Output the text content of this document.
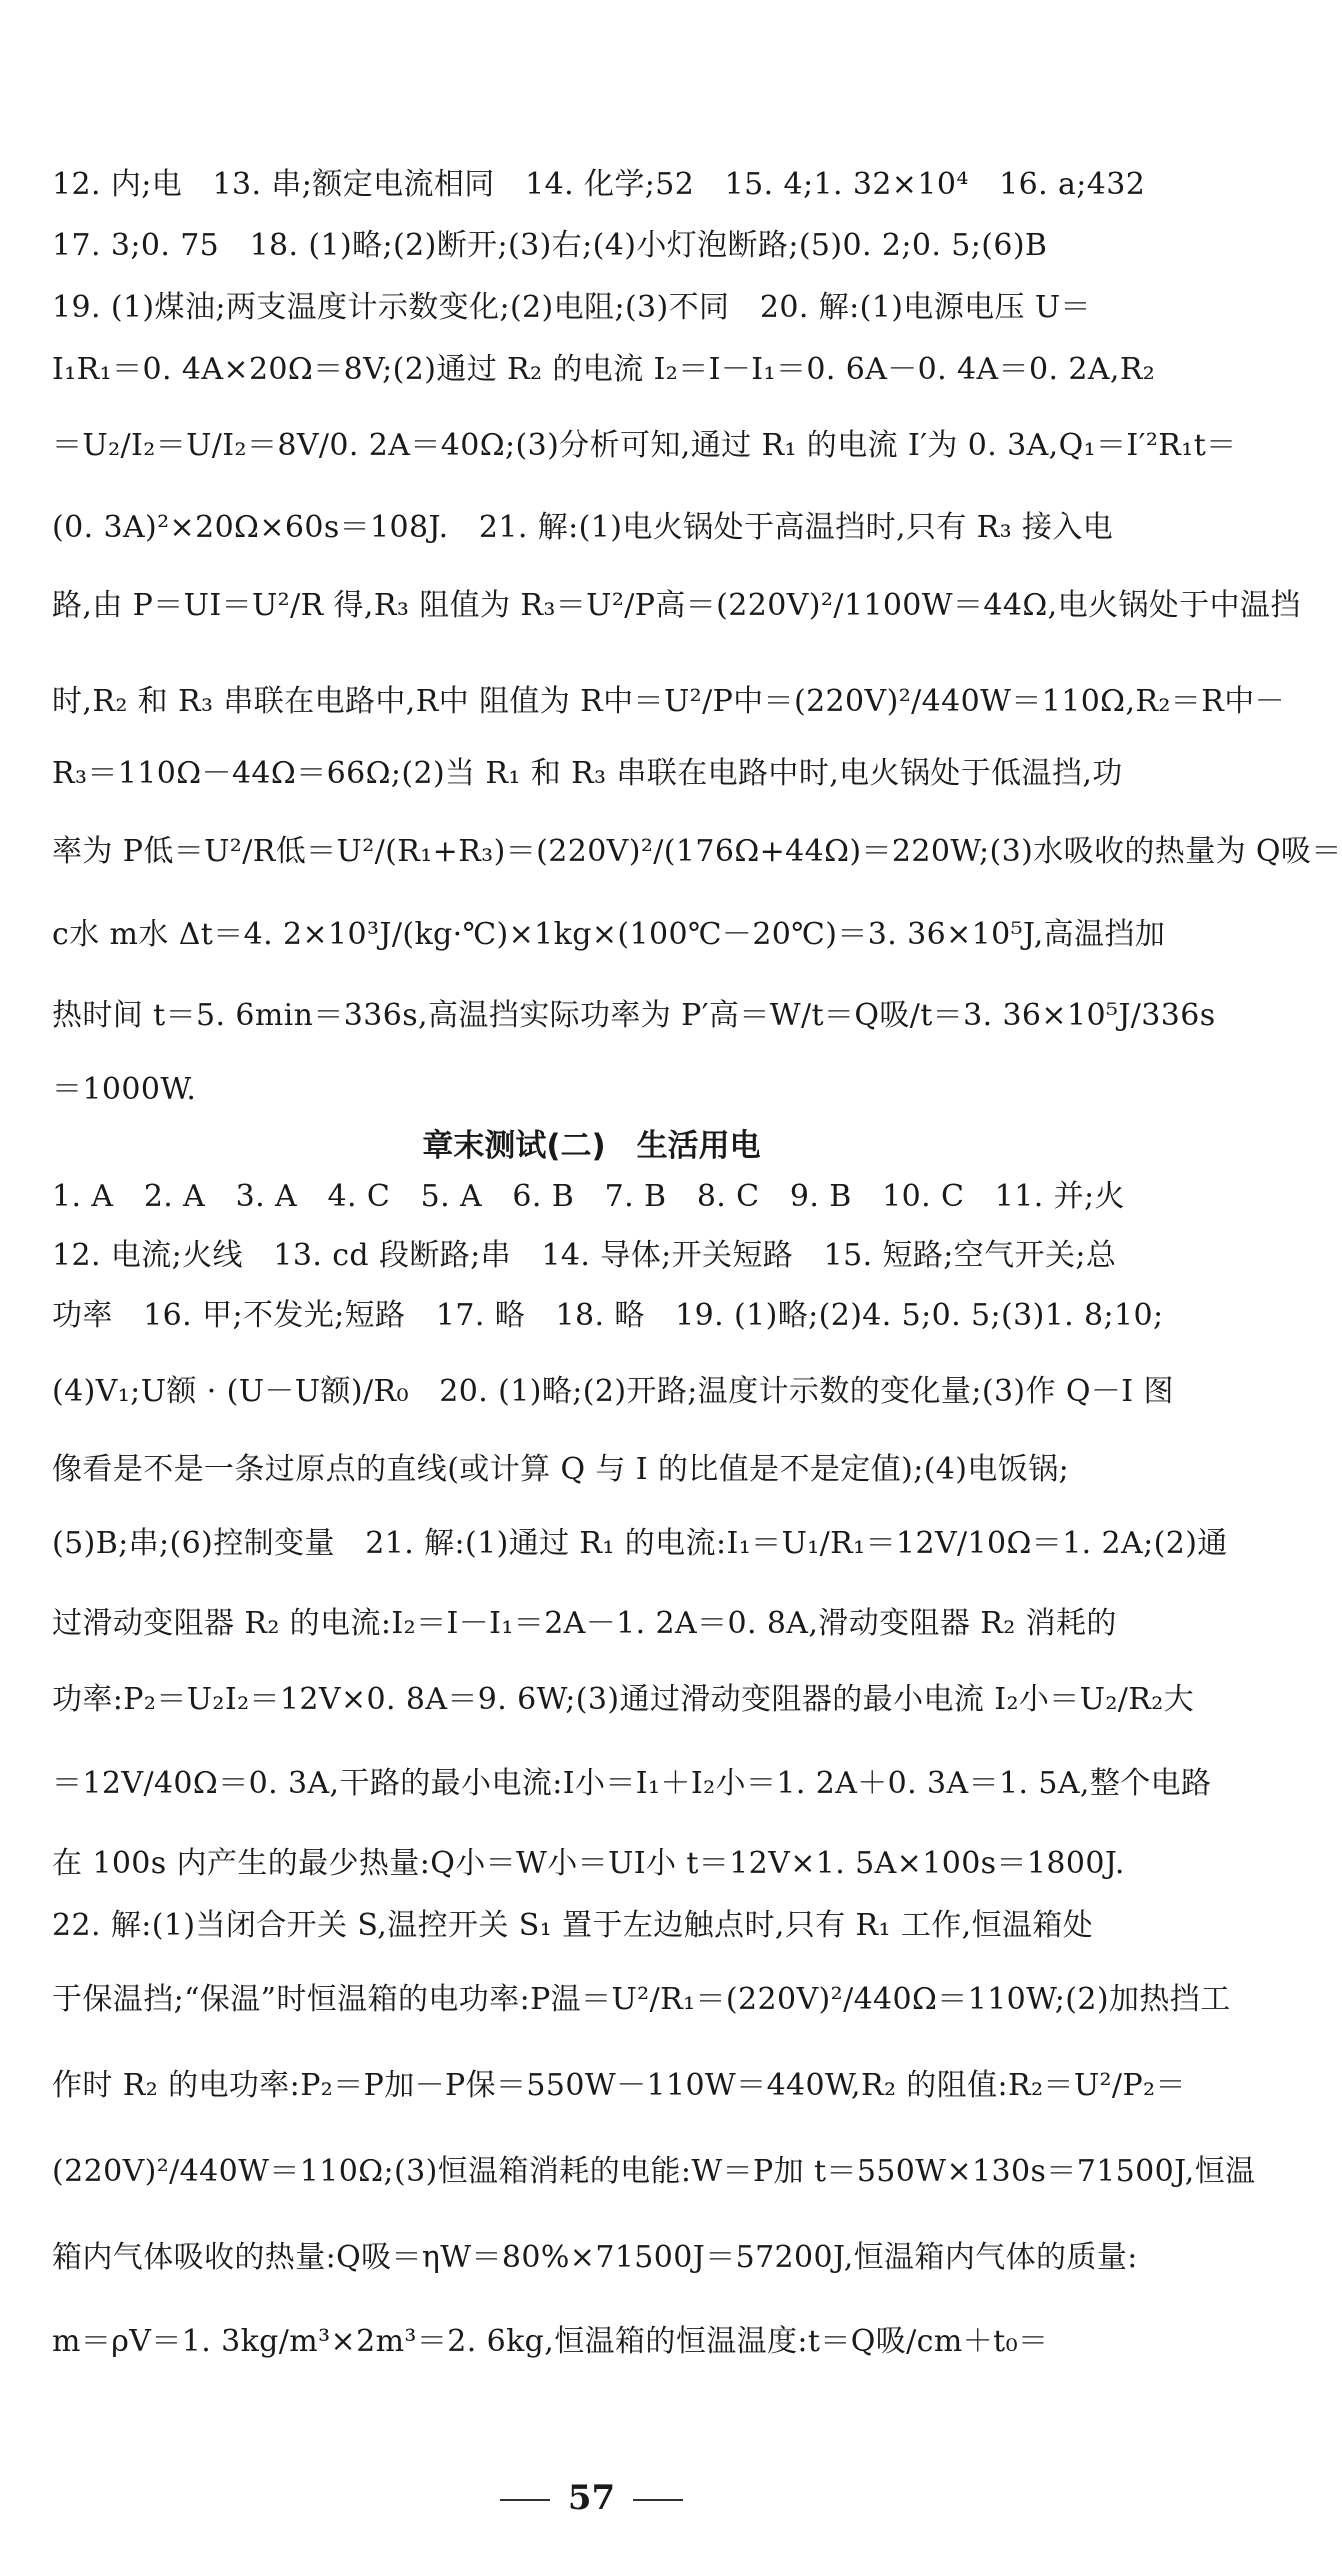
12. 内;电　13. 串;额定电流相同　14. 化学;52　15. 4;1. 32×10⁴　16. a;432
17. 3;0. 75　18. (1)略;(2)断开;(3)右;(4)小灯泡断路;(5)0. 2;0. 5;(6)B
19. (1)煤油;两支温度计示数变化;(2)电阻;(3)不同　20. 解:(1)电源电压 U＝
I₁R₁＝0. 4A×20Ω＝8V;(2)通过 R₂ 的电流 I₂＝I－I₁＝0. 6A－0. 4A＝0. 2A,R₂
＝U₂/I₂＝U/I₂＝8V/0. 2A＝40Ω;(3)分析可知,通过 R₁ 的电流 I′为 0. 3A,Q₁＝I′²R₁t＝
(0. 3A)²×20Ω×60s＝108J.　21. 解:(1)电火锅处于高温挡时,只有 R₃ 接入电
路,由 P＝UI＝U²/R 得,R₃ 阻值为 R₃＝U²/P高＝(220V)²/1100W＝44Ω,电火锅处于中温挡
时,R₂ 和 R₃ 串联在电路中,R中 阻值为 R中＝U²/P中＝(220V)²/440W＝110Ω,R₂＝R中－
R₃＝110Ω－44Ω＝66Ω;(2)当 R₁ 和 R₃ 串联在电路中时,电火锅处于低温挡,功
率为 P低＝U²/R低＝U²/(R₁+R₃)＝(220V)²/(176Ω+44Ω)＝220W;(3)水吸收的热量为 Q吸＝
c水 m水 Δt＝4. 2×10³J/(kg·℃)×1kg×(100℃－20℃)＝3. 36×10⁵J,高温挡加
热时间 t＝5. 6min＝336s,高温挡实际功率为 P′高＝W/t＝Q吸/t＝3. 36×10⁵J/336s
＝1000W.
章末测试(二)　生活用电
1. A　2. A　3. A　4. C　5. A　6. B　7. B　8. C　9. B　10. C　11. 并;火
12. 电流;火线　13. cd 段断路;串　14. 导体;开关短路　15. 短路;空气开关;总
功率　16. 甲;不发光;短路　17. 略　18. 略　19. (1)略;(2)4. 5;0. 5;(3)1. 8;10;
(4)V₁;U额 · (U－U额)/R₀　20. (1)略;(2)开路;温度计示数的变化量;(3)作 Q－I 图
像看是不是一条过原点的直线(或计算 Q 与 I 的比值是不是定值);(4)电饭锅;
(5)B;串;(6)控制变量　21. 解:(1)通过 R₁ 的电流:I₁＝U₁/R₁＝12V/10Ω＝1. 2A;(2)通
过滑动变阻器 R₂ 的电流:I₂＝I－I₁＝2A－1. 2A＝0. 8A,滑动变阻器 R₂ 消耗的
功率:P₂＝U₂I₂＝12V×0. 8A＝9. 6W;(3)通过滑动变阻器的最小电流 I₂小＝U₂/R₂大
＝12V/40Ω＝0. 3A,干路的最小电流:I小＝I₁＋I₂小＝1. 2A＋0. 3A＝1. 5A,整个电路
在 100s 内产生的最少热量:Q小＝W小＝UI小 t＝12V×1. 5A×100s＝1800J.
22. 解:(1)当闭合开关 S,温控开关 S₁ 置于左边触点时,只有 R₁ 工作,恒温箱处
于保温挡;“保温”时恒温箱的电功率:P温＝U²/R₁＝(220V)²/440Ω＝110W;(2)加热挡工
作时 R₂ 的电功率:P₂＝P加－P保＝550W－110W＝440W,R₂ 的阻值:R₂＝U²/P₂＝
(220V)²/440W＝110Ω;(3)恒温箱消耗的电能:W＝P加 t＝550W×130s＝71500J,恒温
箱内气体吸收的热量:Q吸＝ηW＝80%×71500J＝57200J,恒温箱内气体的质量:
m＝ρV＝1. 3kg/m³×2m³＝2. 6kg,恒温箱的恒温温度:t＝Q吸/cm＋t₀＝
57
